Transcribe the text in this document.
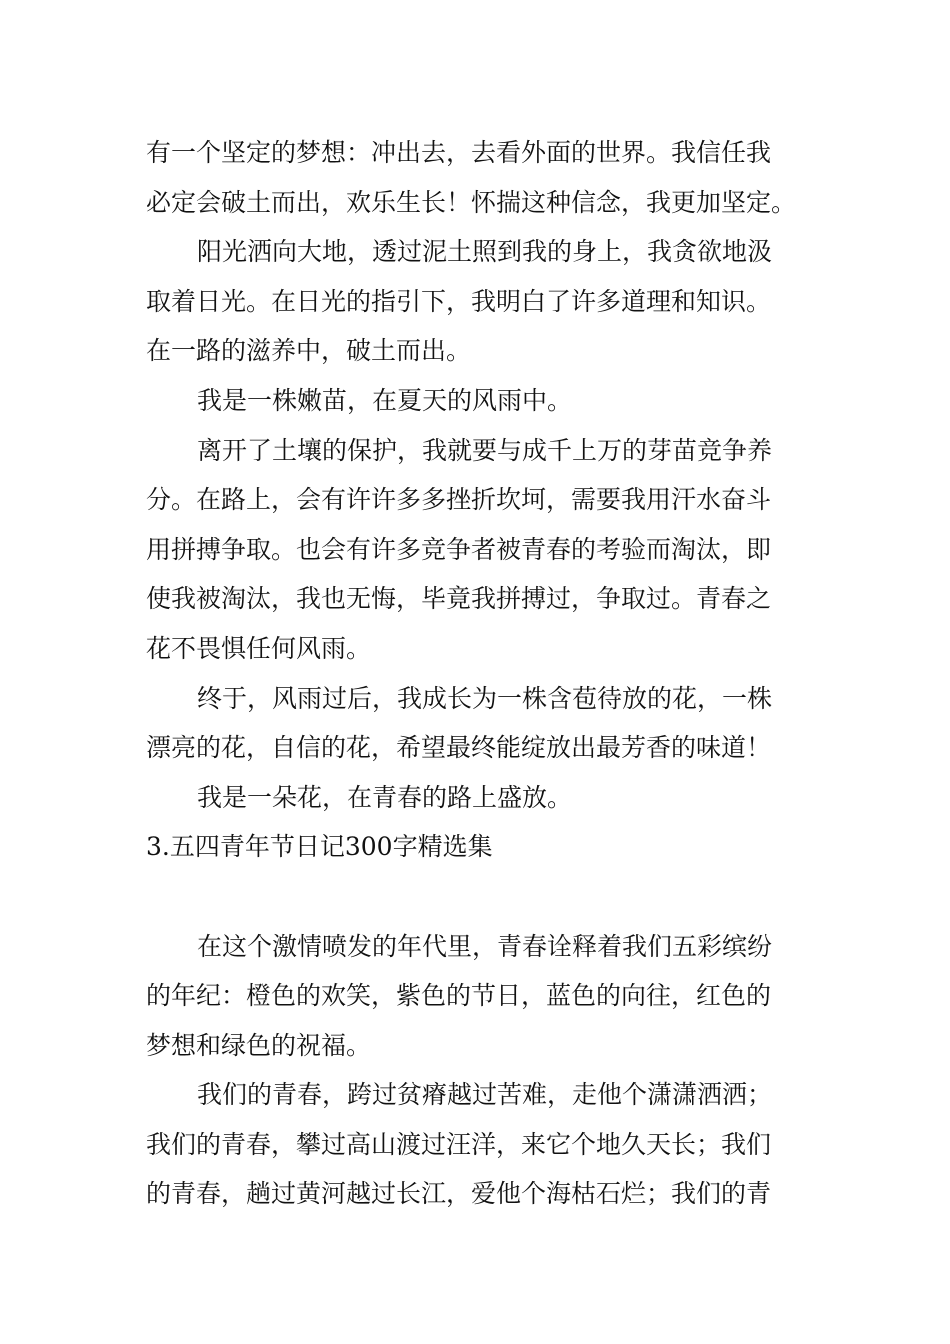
有一个坚定的梦想：冲出去，去看外面的世界。我信任我
必定会破土而出，欢乐生长！怀揣这种信念，我更加坚定。
阳光洒向大地，透过泥土照到我的身上，我贪欲地汲
取着日光。在日光的指引下，我明白了许多道理和知识。
在一路的滋养中，破土而出。
我是一株嫩苗，在夏天的风雨中。
离开了土壤的保护，我就要与成千上万的芽苗竞争养
分。在路上，会有许许多多挫折坎坷，需要我用汗水奋斗
用拼搏争取。也会有许多竞争者被青春的考验而淘汰，即
使我被淘汰，我也无悔，毕竟我拼搏过，争取过。青春之
花不畏惧任何风雨。
终于，风雨过后，我成长为一株含苞待放的花，一株
漂亮的花，自信的花，希望最终能绽放出最芳香的味道！
我是一朵花，在青春的路上盛放。
3.五四青年节日记300字精选集
在这个激情喷发的年代里，青春诠释着我们五彩缤纷
的年纪：橙色的欢笑，紫色的节日，蓝色的向往，红色的
梦想和绿色的祝福。
我们的青春，跨过贫瘠越过苦难，走他个潇潇洒洒；
我们的青春，攀过高山渡过汪洋，来它个地久天长；我们
的青春，趟过黄河越过长江，爱他个海枯石烂；我们的青
